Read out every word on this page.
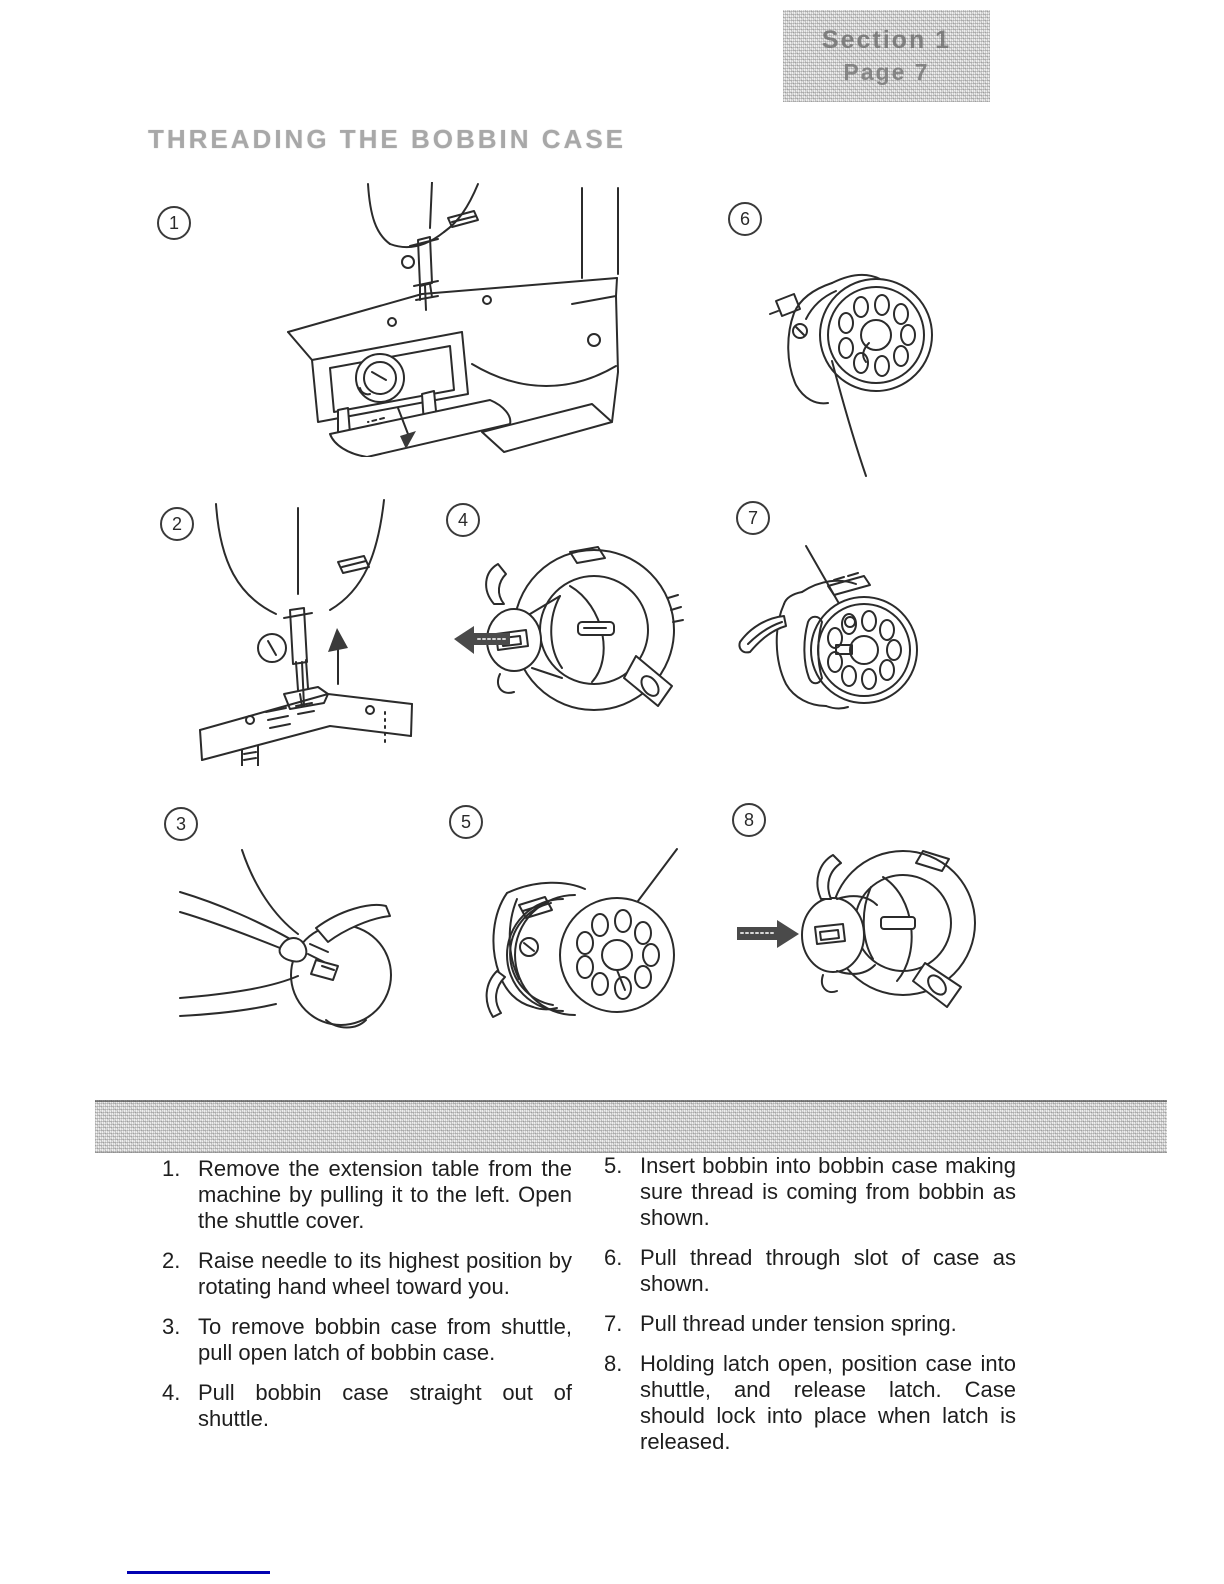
Section 1
Page 7
THREADING THE BOBBIN CASE
1
2
3
4
5
6
7
8
1. Remove the extension table from the machine by pulling it to the left. Open the shuttle cover.

2. Raise needle to its highest position by rotating hand wheel toward you.

3. To remove bobbin case from shuttle, pull open latch of bobbin case.

4. Pull bobbin case straight out of shuttle.

5. Insert bobbin into bobbin case making sure thread is coming from bobbin as shown.

6. Pull thread through slot of case as shown.

7. Pull thread under tension spring.

8. Holding latch open, position case into shuttle, and release latch. Case should lock into place when latch is released.
